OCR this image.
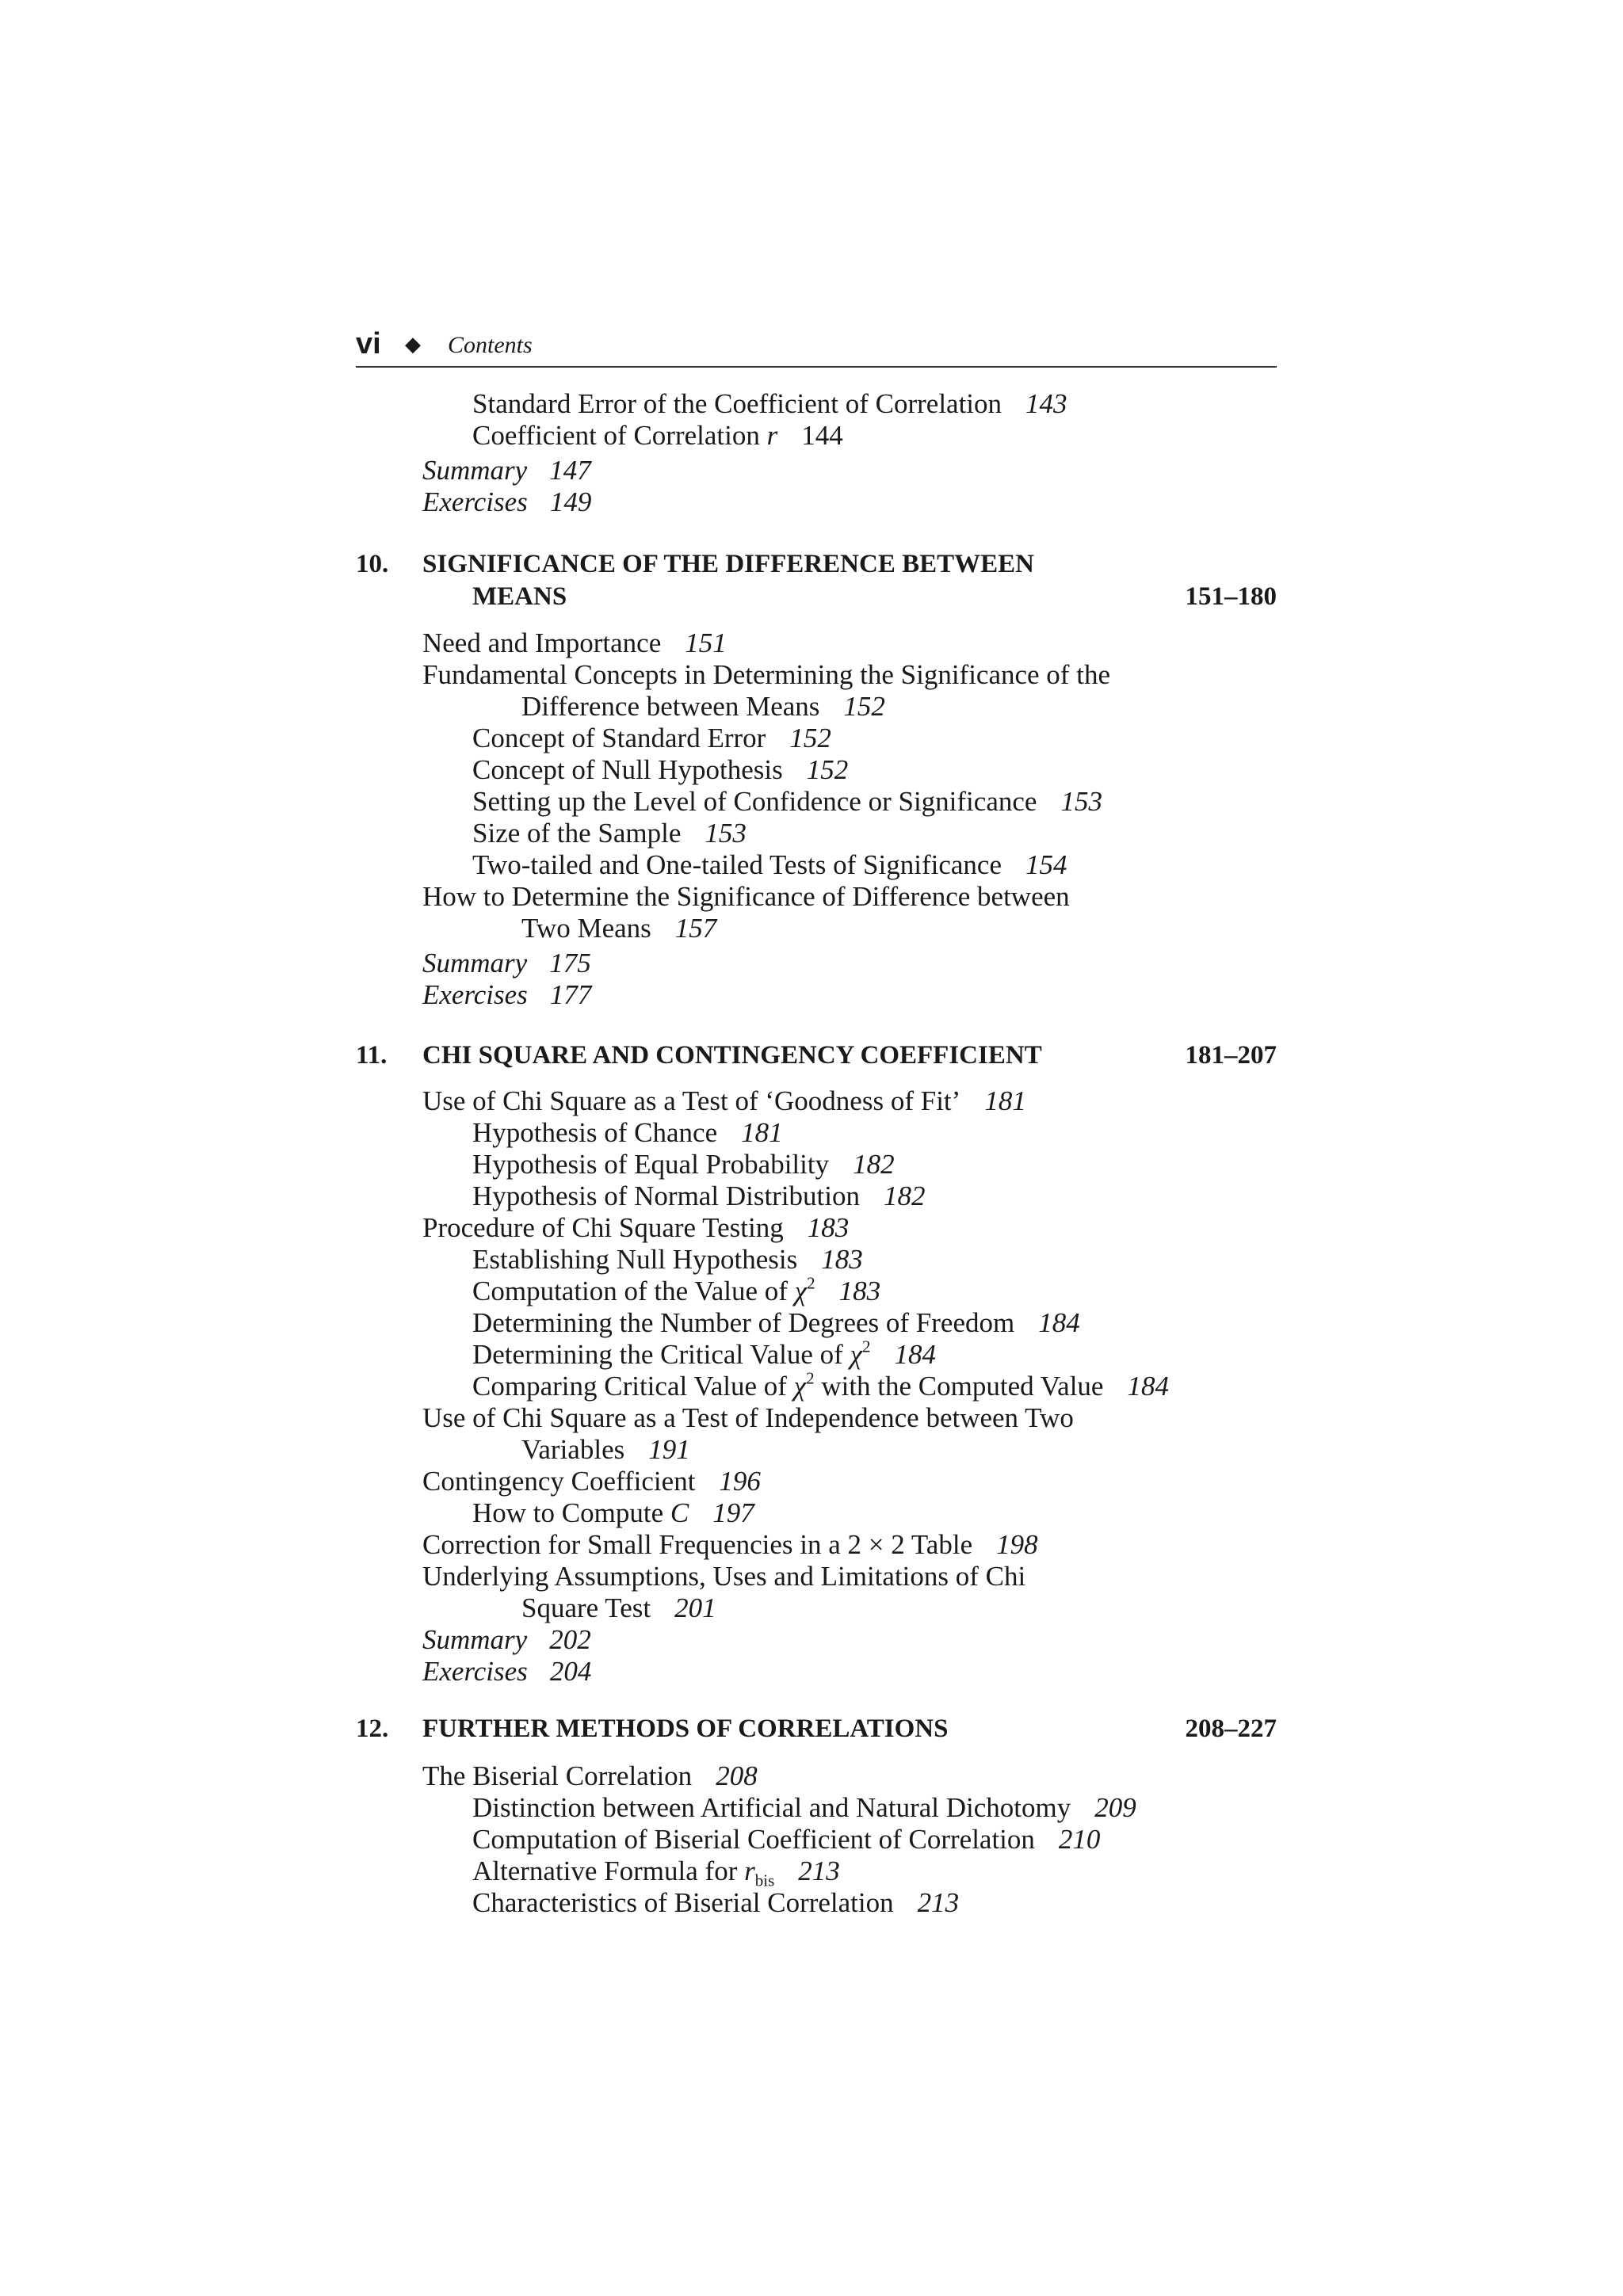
vi ◆ Contents
Standard Error of the Coefficient of Correlation 143
Coefficient of Correlation r 144
Summary 147
Exercises 149
10. SIGNIFICANCE OF THE DIFFERENCE BETWEEN
MEANS	151–180
Need and Importance 151
Fundamental Concepts in Determining the Significance of the
Difference between Means 152
Concept of Standard Error 152
Concept of Null Hypothesis 152
Setting up the Level of Confidence or Significance 153
Size of the Sample 153
Two-tailed and One-tailed Tests of Significance 154
How to Determine the Significance of Difference between
Two Means 157
Summary 175
Exercises 177
11. CHI SQUARE AND CONTINGENCY COEFFICIENT	181–207
Use of Chi Square as a Test of ‘Goodness of Fit’ 181
Hypothesis of Chance 181
Hypothesis of Equal Probability 182
Hypothesis of Normal Distribution 182
Procedure of Chi Square Testing 183
Establishing Null Hypothesis 183
Computation of the Value of $\chi^2$ 183
Determining the Number of Degrees of Freedom 184
Determining the Critical Value of $\chi^2$ 184
Comparing Critical Value of $\chi^2$ with the Computed Value 184
Use of Chi Square as a Test of Independence between Two
Variables 191
Contingency Coefficient 196
How to Compute C 197
Correction for Small Frequencies in a 2 × 2 Table 198
Underlying Assumptions, Uses and Limitations of Chi
Square Test 201
Summary 202
Exercises 204
12. FURTHER METHODS OF CORRELATIONS	208–227
The Biserial Correlation 208
Distinction between Artificial and Natural Dichotomy 209
Computation of Biserial Coefficient of Correlation 210
Alternative Formula for $r_{bis}$ 213
Characteristics of Biserial Correlation 213
